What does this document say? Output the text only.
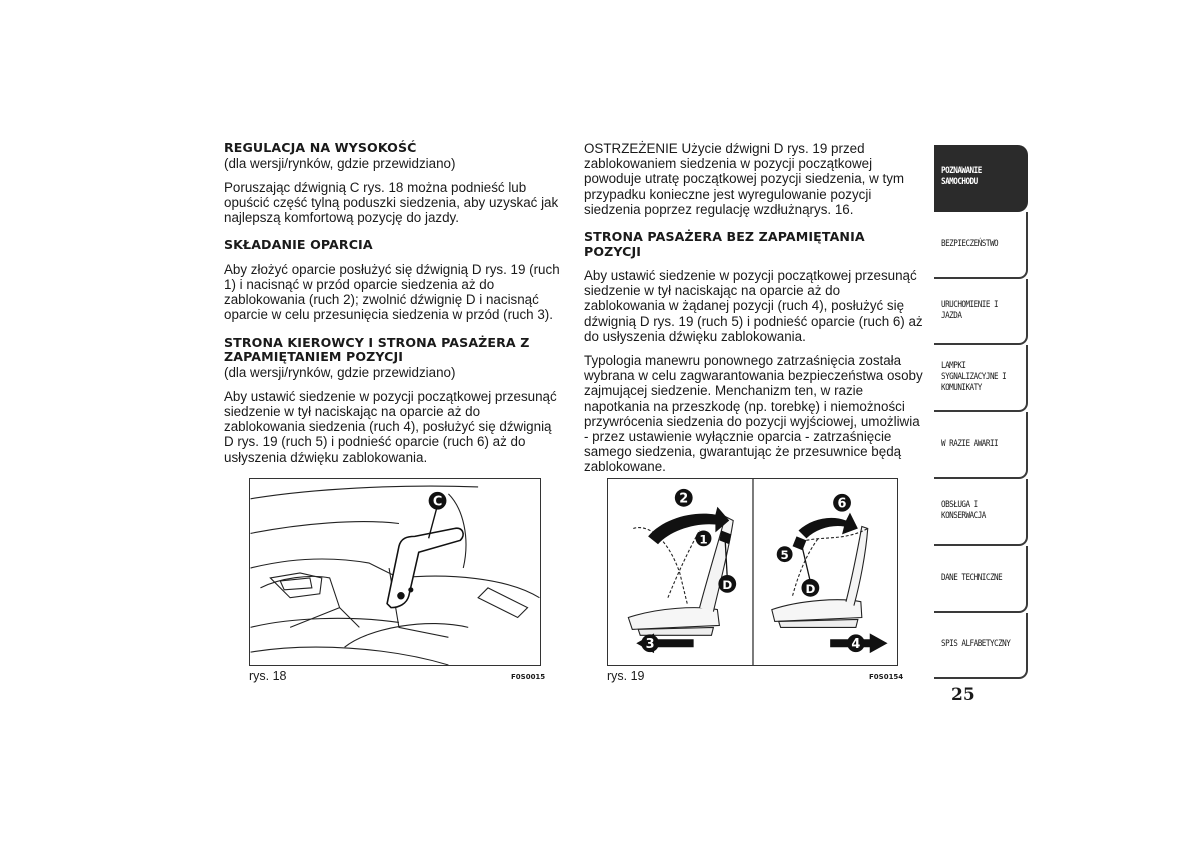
REGULACJA NA WYSOKOŚĆ

(dla wersji/rynków, gdzie przewidziano)

Poruszając dźwignią C rys. 18 można podnieść lub opuścić część tylną poduszki siedzenia, aby uzyskać jak najlepszą komfortową pozycję do jazdy.

SKŁADANIE OPARCIA

Aby złożyć oparcie posłużyć się dźwignią D rys. 19 (ruch 1) i nacisnąć w przód oparcie siedzenia aż do zablokowania (ruch 2); zwolnić dźwignię D i nacisnąć oparcie w celu przesunięcia siedzenia w przód (ruch 3).

STRONA KIEROWCY I STRONA PASAŻERA Z ZAPAMIĘTANIEM POZYCJI

(dla wersji/rynków, gdzie przewidziano)

Aby ustawić siedzenie w pozycji początkowej przesunąć siedzenie w tył naciskając na oparcie aż do zablokowania siedzenia (ruch 4), posłużyć się dźwignią D rys. 19 (ruch 5) i podnieść oparcie (ruch 6) aż do usłyszenia dźwięku zablokowania.

OSTRZEŻENIE Użycie dźwigni D rys. 19 przed zablokowaniem siedzenia w pozycji początkowej powoduje utratę początkowej pozycji siedzenia, w tym przypadku konieczne jest wyregulowanie pozycji siedzenia poprzez regulację wzdłużnąrys. 16.

STRONA PASAŻERA BEZ ZAPAMIĘTANIA POZYCJI

Aby ustawić siedzenie w pozycji początkowej przesunąć siedzenie w tył naciskając na oparcie aż do zablokowania w żądanej pozycji (ruch 4), posłużyć się dźwignią D rys. 19 (ruch 5) i podnieść oparcie (ruch 6) aż do usłyszenia dźwięku zablokowania.

Typologia manewru ponownego zatrzaśnięcia została wybrana w celu zagwarantowania bezpieczeństwa osoby zajmującej siedzenie. Menchanizm ten, w razie napotkania na przeszkodę (np. torebkę) i niemożności przywrócenia siedzenia do pozycji wyjściowej, umożliwia - przez ustawienie wyłącznie oparcia - zatrzaśnięcie samego siedzenia, gwarantując że przesuwnice będą zablokowane.

C
rys. 18	F0S0015
2
1
D
3
6
5
D
4
rys. 19	F0S0154
POZNAWANIE
SAMOCHODU
BEZPIECZEŃSTWO
URUCHOMIENIE I
JAZDA
LAMPKI
SYGNALIZACYJNE I
KOMUNIKATY
W RAZIE AWARII
OBSŁUGA I
KONSERWACJA
DANE TECHNICZNE
SPIS ALFABETYCZNY
25
